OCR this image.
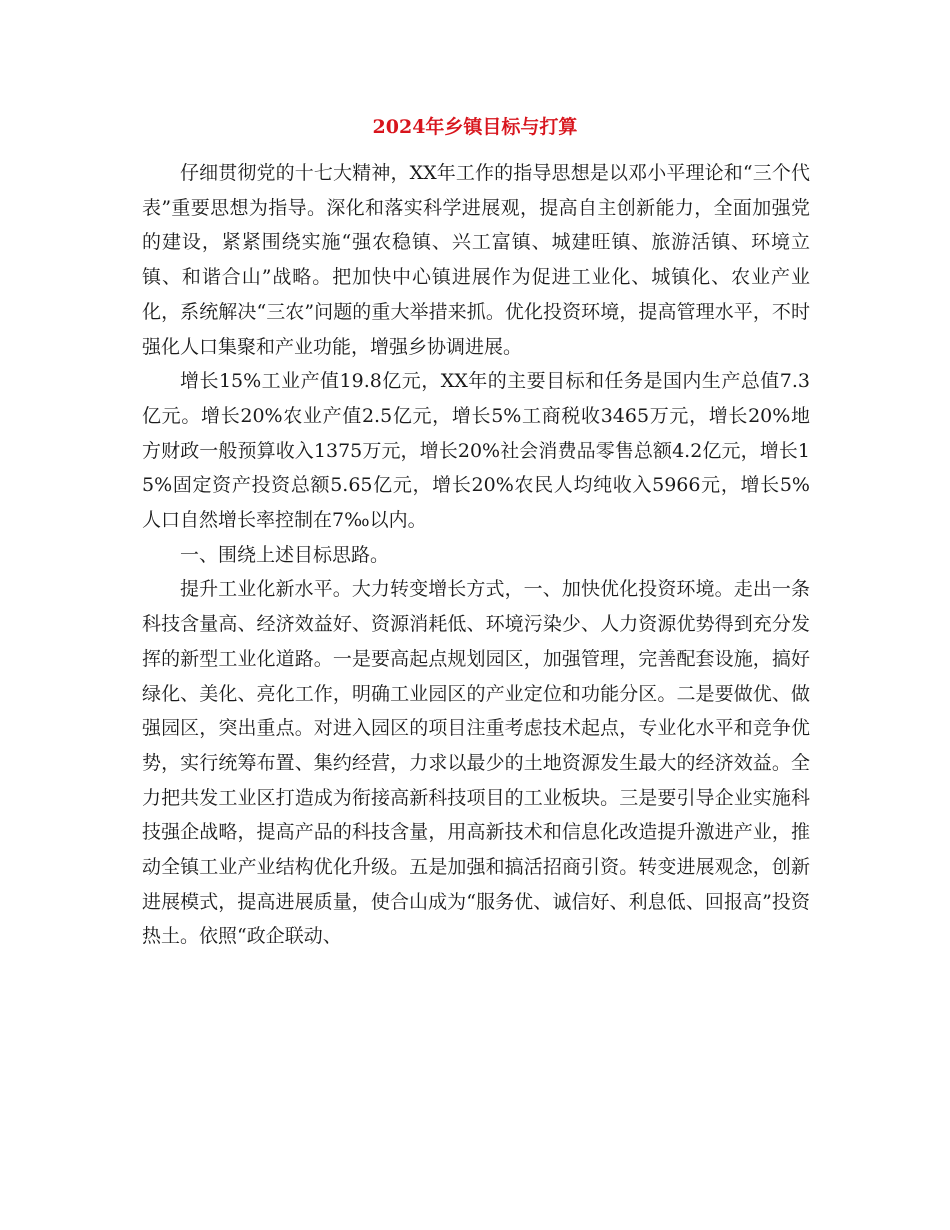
2024年乡镇目标与打算

仔细贯彻党的十七大精神，XX年工作的指导思想是以邓小平理论和“三个代表”重要思想为指导。深化和落实科学进展观，提高自主创新能力，全面加强党的建设，紧紧围绕实施“强农稳镇、兴工富镇、城建旺镇、旅游活镇、环境立镇、和谐合山”战略。把加快中心镇进展作为促进工业化、城镇化、农业产业化，系统解决“三农”问题的重大举措来抓。优化投资环境，提高管理水平，不时强化人口集聚和产业功能，增强乡协调进展。

增长15%工业产值19.8亿元，XX年的主要目标和任务是国内生产总值7.3亿元。增长20%农业产值2.5亿元，增长5%工商税收3465万元，增长20%地方财政一般预算收入1375万元，增长20%社会消费品零售总额4.2亿元，增长15%固定资产投资总额5.65亿元，增长20%农民人均纯收入5966元，增长5%人口自然增长率控制在7‰以内。

一、围绕上述目标思路。

提升工业化新水平。大力转变增长方式，一、加快优化投资环境。走出一条科技含量高、经济效益好、资源消耗低、环境污染少、人力资源优势得到充分发挥的新型工业化道路。一是要高起点规划园区，加强管理，完善配套设施，搞好绿化、美化、亮化工作，明确工业园区的产业定位和功能分区。二是要做优、做强园区，突出重点。对进入园区的项目注重考虑技术起点，专业化水平和竞争优势，实行统筹布置、集约经营，力求以最少的土地资源发生最大的经济效益。全力把共发工业区打造成为衔接高新科技项目的工业板块。三是要引导企业实施科技强企战略，提高产品的科技含量，用高新技术和信息化改造提升激进产业，推动全镇工业产业结构优化升级。五是加强和搞活招商引资。转变进展观念，创新进展模式，提高进展质量，使合山成为“服务优、诚信好、利息低、回报高”投资热土。依照“政企联动、
